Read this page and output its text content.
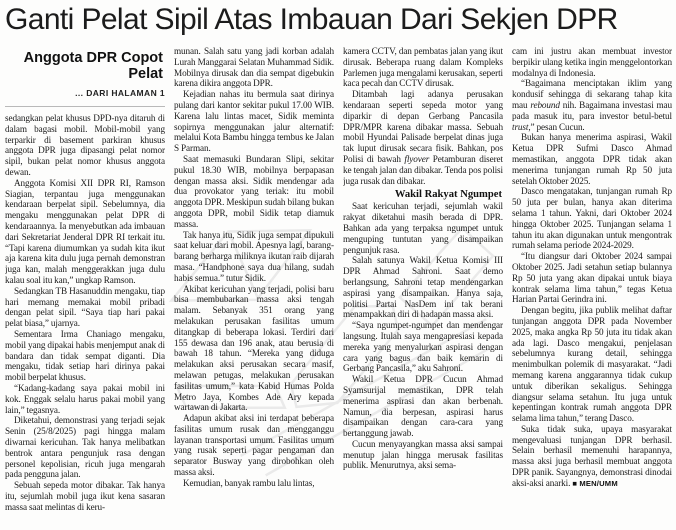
Ganti Pelat Sipil Atas Imbauan Dari Sekjen DPR
Anggota DPR Copot Pelat
... DARI HALAMAN 1

sedangkan pelat khusus DPD-nya ditaruh di dalam bagasi mobil. Mobil-mobil yang terparkir di basement parkiran khusus anggota DPR juga dipasangi pelat nomor sipil, bukan pelat nomor khusus anggota dewan.

Anggota Komisi XII DPR RI, Ramson Siagian, terpantau juga menggunakan kendaraan berpelat sipil. Sebelumnya, dia mengaku menggunakan pelat DPR di kendaraannya. Ia menyebutkan ada imbauan dari Sekretariat Jenderal DPR RI terkait itu. “Tapi karena diumumkan ya sudah kita ikut aja karena kita dulu juga pernah demonstran juga kan, malah menggerakkan juga dulu kalau soal itu kan,” ungkap Ramson.

Sedangkan TB Hasanuddin mengaku, tiap hari memang memakai mobil pribadi dengan pelat sipil. “Saya tiap hari pakai pelat biasa,” ujarnya.

Sementara Irma Chaniago mengaku, mobil yang dipakai habis menjemput anak di bandara dan tidak sempat diganti. Dia mengaku, tidak setiap hari dirinya pakai mobil berpelat khusus.

“Kadang-kadang saya pakai mobil ini kok. Enggak selalu harus pakai mobil yang lain,” tegasnya.

Diketahui, demonstrasi yang terjadi sejak Senin (25/8/2025) pagi hingga malam diwarnai kericuhan. Tak hanya melibatkan bentrok antara pengunjuk rasa dengan personel kepolisian, ricuh juga mengarah pada pengguna jalan.

Sebuah sepeda motor dibakar. Tak hanya itu, sejumlah mobil juga ikut kena sasaran massa saat melintas di keru-

munan. Salah satu yang jadi korban adalah Lurah Manggarai Selatan Muhammad Sidik. Mobilnya dirusak dan dia sempat digebukin karena dikira anggota DPR.

Kejadian nahas itu bermula saat dirinya pulang dari kantor sekitar pukul 17.00 WIB. Karena lalu lintas macet, Sidik meminta sopirnya menggunakan jalur alternatif: melalui Kota Bambu hingga tembus ke Jalan S Parman.

Saat memasuki Bundaran Slipi, sekitar pukul 18.30 WIB, mobilnya berpapasan dengan massa aksi. Sidik mendengar ada dua provokator yang teriak: itu mobil anggota DPR. Meskipun sudah bilang bukan anggota DPR, mobil Sidik tetap diamuk massa.

Tak hanya itu, Sidik juga sempat dipukuli saat keluar dari mobil. Apesnya lagi, barang-barang berharga miliknya ikutan raib dijarah masa. “Handphone saya dua hilang, sudah habis semua.” tutur Sidik.

Akibat kericuhan yang terjadi, polisi baru bisa membubarkan massa aksi tengah malam. Sebanyak 351 orang yang melakukan perusakan fasilitas umum ditangkap di beberapa lokasi. Terdiri dari 155 dewasa dan 196 anak, atau berusia di bawah 18 tahun. “Mereka yang diduga melakukan aksi perusakan secara masif, melawan petugas, melakukan perusakan fasilitas umum,” kata Kabid Humas Polda Metro Jaya, Kombes Ade Ary kepada wartawan di Jakarta.

Adapun akibat aksi ini terdapat beberapa fasilitas umum rusak dan mengganggu layanan transportasi umum. Fasilitas umum yang rusak seperti pagar pengaman dan separator Busway yang dirobohkan oleh massa aksi.

Kemudian, banyak rambu lalu lintas,

kamera CCTV, dan pembatas jalan yang ikut dirusak. Beberapa ruang dalam Kompleks Parlemen juga mengalami kerusakan, seperti kaca pecah dan CCTV dirusak.

Ditambah lagi adanya perusakan kendaraan seperti sepeda motor yang diparkir di depan Gerbang Pancasila DPR/MPR karena dibakar massa. Sebuah mobil Hyundai Palisade berpelat dinas juga tak luput dirusak secara fisik. Bahkan, pos Polisi di bawah flyover Petamburan diseret ke tengah jalan dan dibakar. Tenda pos polisi juga rusak dan dibakar.

Wakil Rakyat Ngumpet

Saat kericuhan terjadi, sejumlah wakil rakyat diketahui masih berada di DPR. Bahkan ada yang terpaksa ngumpet untuk menguping tuntutan yang disampaikan pengunjuk rasa.

Salah satunya Wakil Ketua Komisi III DPR Ahmad Sahroni. Saat demo berlangsung, Sahroni tetap mendengarkan aspirasi yang disampaikan. Hanya saja, politisi Partai NasDem ini tak berani menampakkan diri di hadapan massa aksi.

“Saya ngumpet-ngumpet dan mendengar langsung. Itulah saya mengapresiasi kepada mereka yang menyalurkan aspirasi dengan cara yang bagus dan baik kemarin di Gerbang Pancasila,” aku Sahroni.

Wakil Ketua DPR Cucun Ahmad Syamsurijal memastikan, DPR telah menerima aspirasi dan akan berbenah. Namun, dia berpesan, aspirasi harus disampaikan dengan cara-cara yang bertanggung jawab.

Cucun menyayangkan massa aksi sampai menutup jalan hingga merusak fasilitas publik. Menurutnya, aksi sema-

cam ini justru akan membuat investor berpikir ulang ketika ingin menggelontorkan modalnya di Indonesia.

“Bagaimana menciptakan iklim yang kondusif sehingga di sekarang tahap kita mau rebound nih. Bagaimana investasi mau pada masuk itu, para investor betul-betul trust,” pesan Cucun.

Bukan hanya menerima aspirasi, Wakil Ketua DPR Sufmi Dasco Ahmad memastikan, anggota DPR tidak akan menerima tunjangan rumah Rp 50 juta setelah Oktober 2025.

Dasco mengatakan, tunjangan rumah Rp 50 juta per bulan, hanya akan diterima selama 1 tahun. Yakni, dari Oktober 2024 hingga Oktober 2025. Tunjangan selama 1 tahun itu akan digunakan untuk mengontrak rumah selama periode 2024-2029.

“Itu diangsur dari Oktober 2024 sampai Oktober 2025. Jadi setahun setiap bulannya Rp 50 juta yang akan dipakai untuk biaya kontrak selama lima tahun,” tegas Ketua Harian Partai Gerindra ini.

Dengan begitu, jika publik melihat daftar tunjangan anggota DPR pada November 2025, maka angka Rp 50 juta itu tidak akan ada lagi. Dasco mengakui, penjelasan sebelumnya kurang detail, sehingga menimbulkan polemik di masyarakat. “Jadi memang karena anggarannya tidak cukup untuk diberikan sekaligus. Sehingga diangsur selama setahun. Itu juga untuk kepentingan kontrak rumah anggota DPR selama lima tahun,” terang Dasco.

Suka tidak suka, upaya masyarakat mengevaluasi tunjangan DPR berhasil. Selain berhasil memenuhi harapannya, massa aksi juga berhasil membuat anggota DPR panik. Sayangnya, demonstrasi dinodai aksi-aksi anarki. ■ MEN/UMM
